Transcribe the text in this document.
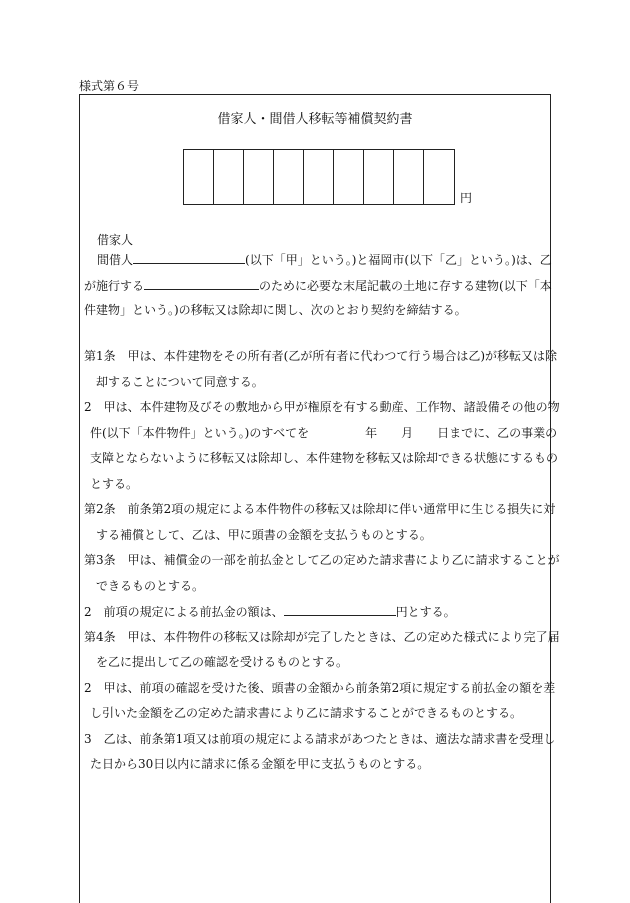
様式第６号
借家人・間借人移転等補償契約書
円
借家人
間借人	(以下「甲」という。)と福岡市(以下「乙」という。)は、乙
が施行する	のために必要な末尾記載の土地に存する建物(以下「本
件建物」という。)の移転又は除却に関し、次のとおり契約を締結する。
第1条　甲は、本件建物をその所有者(乙が所有者に代わつて行う場合は乙)が移転又は除
却することについて同意する。
2　甲は、本件建物及びその敷地から甲が権原を有する動産、工作物、諸設備その他の物
件(以下「本件物件」という。)のすべてを	年 月 日までに、乙の事業の
支障とならないように移転又は除却し、本件建物を移転又は除却できる状態にするもの
とする。
第2条　前条第2項の規定による本件物件の移転又は除却に伴い通常甲に生じる損失に対
する補償として、乙は、甲に頭書の金額を支払うものとする。
第3条　甲は、補償金の一部を前払金として乙の定めた請求書により乙に請求することが
できるものとする。
2　前項の規定による前払金の額は、	円とする。
第4条　甲は、本件物件の移転又は除却が完了したときは、乙の定めた様式により完了届
を乙に提出して乙の確認を受けるものとする。
2　甲は、前項の確認を受けた後、頭書の金額から前条第2項に規定する前払金の額を差
し引いた金額を乙の定めた請求書により乙に請求することができるものとする。
3　乙は、前条第1項又は前項の規定による請求があつたときは、適法な請求書を受理し
た日から30日以内に請求に係る金額を甲に支払うものとする。
